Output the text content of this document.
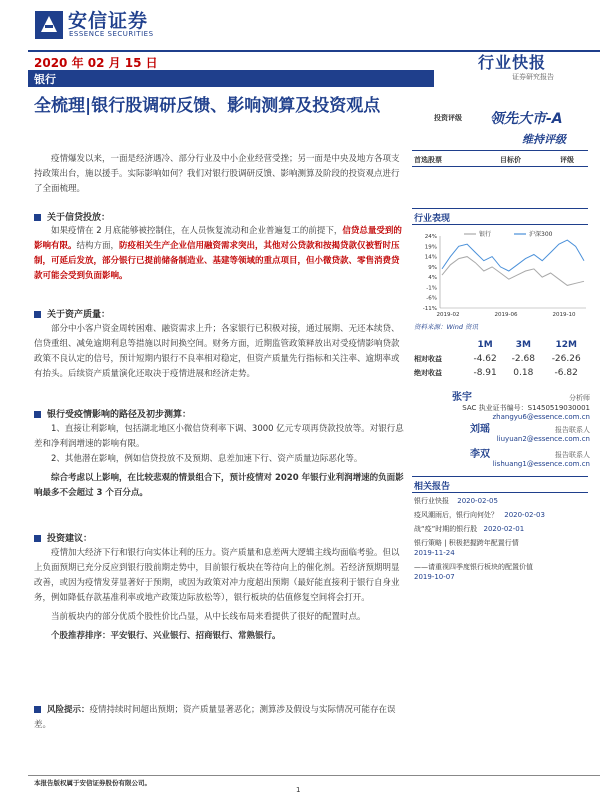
安信证券
ESSENCE SECURITIES
2020 年 02 月 15 日
银行
行业快报
证券研究报告
全梳理|银行股调研反馈、影响测算及投资观点

疫情爆发以来，一面是经济遇冷、部分行业及中小企业经营受挫；另一面是中央及地方各项支持政策出台，施以援手。实际影响如何？我们对银行股调研反馈、影响测算及阶段的投资观点进行了全面梳理。

关于信贷投放：

如果疫情在 2 月底能够被控制住，在人员恢复流动和企业普遍复工的前提下，信贷总量受到的影响有限。结构方面，防疫相关生产企业信用融资需求突出，其他对公贷款和按揭贷款仅被暂时压制，可延后发放，部分银行已提前储备制造业、基建等领域的重点项目，但小微贷款、零售消费贷款可能会受到负面影响。

关于资产质量：

部分中小客户资金周转困难、融资需求上升；各家银行已积极对接，通过展期、无还本续贷、信贷重组、减免逾期利息等措施以时间换空间。财务方面，近期监管政策释放出对受疫情影响贷款政策不良认定的信号，预计短期内银行不良率相对稳定，但资产质量先行指标和关注率、逾期率或有抬头。后续资产质量演化还取决于疫情进展和经济走势。

银行受疫情影响的路径及初步测算：

1、直接让利影响，包括湖北地区小微信贷利率下调、3000 亿元专项再贷款投放等。对银行息差和净利润增速的影响有限。

2、其他潜在影响，例如信贷投放不及预期、息差加速下行、资产质量边际恶化等。

综合考虑以上影响，在比较悲观的情景组合下，预计疫情对 2020 年银行业利润增速的负面影响最多不会超过 3 个百分点。

投资建议：

疫情加大经济下行和银行向实体让利的压力。资产质量和息差两大逻辑主线均面临考验。但以上负面预期已充分反应到银行股前期走势中，目前银行板块在等待向上的催化剂。若经济预期明显改善，或因为疫情发芽显著好于预期，或因为政策对冲力度超出预期（最好能直接利于银行自身业务，例如降低存款基准利率或地产政策边际放松等），银行板块的估值修复空间将会打开。

当前板块内的部分优质个股性价比凸显，从中长线布局来看提供了很好的配置时点。

个股推荐排序：平安银行、兴业银行、招商银行、常熟银行。

风险提示：疫情持续时间超出预期；资产质量显著恶化；测算涉及假设与实际情况可能存在误差。

投资评级 领先大市-A
维持评级
首选股票	目标价	评级
行业表现
24%
19%
14%
9%
4%
-1%
-6%
-11%
2019-02	2019-06	2019-10
银行	沪深300
资料来源：Wind 资讯
	1M	3M	12M
相对收益	-4.62	-2.68	-26.26
绝对收益	-8.91	0.18	-6.82
张宇	分析师
SAC 执业证书编号：S1450519030001
zhangyu6@essence.com.cn
刘瑶	报告联系人
liuyuan2@essence.com.cn
李双	报告联系人
lishuang1@essence.com.cn
相关报告
银行业快报 2020-02-05
疫风潮雨后，银行向何处？ 2020-02-03
战“疫”时期的银行股 2020-02-01
银行策略 | 积极把握跨年配置行情
2019-11-24
——请重视四季度银行板块的配置价值
2019-10-07
本报告版权属于安信证券股份有限公司。
1
